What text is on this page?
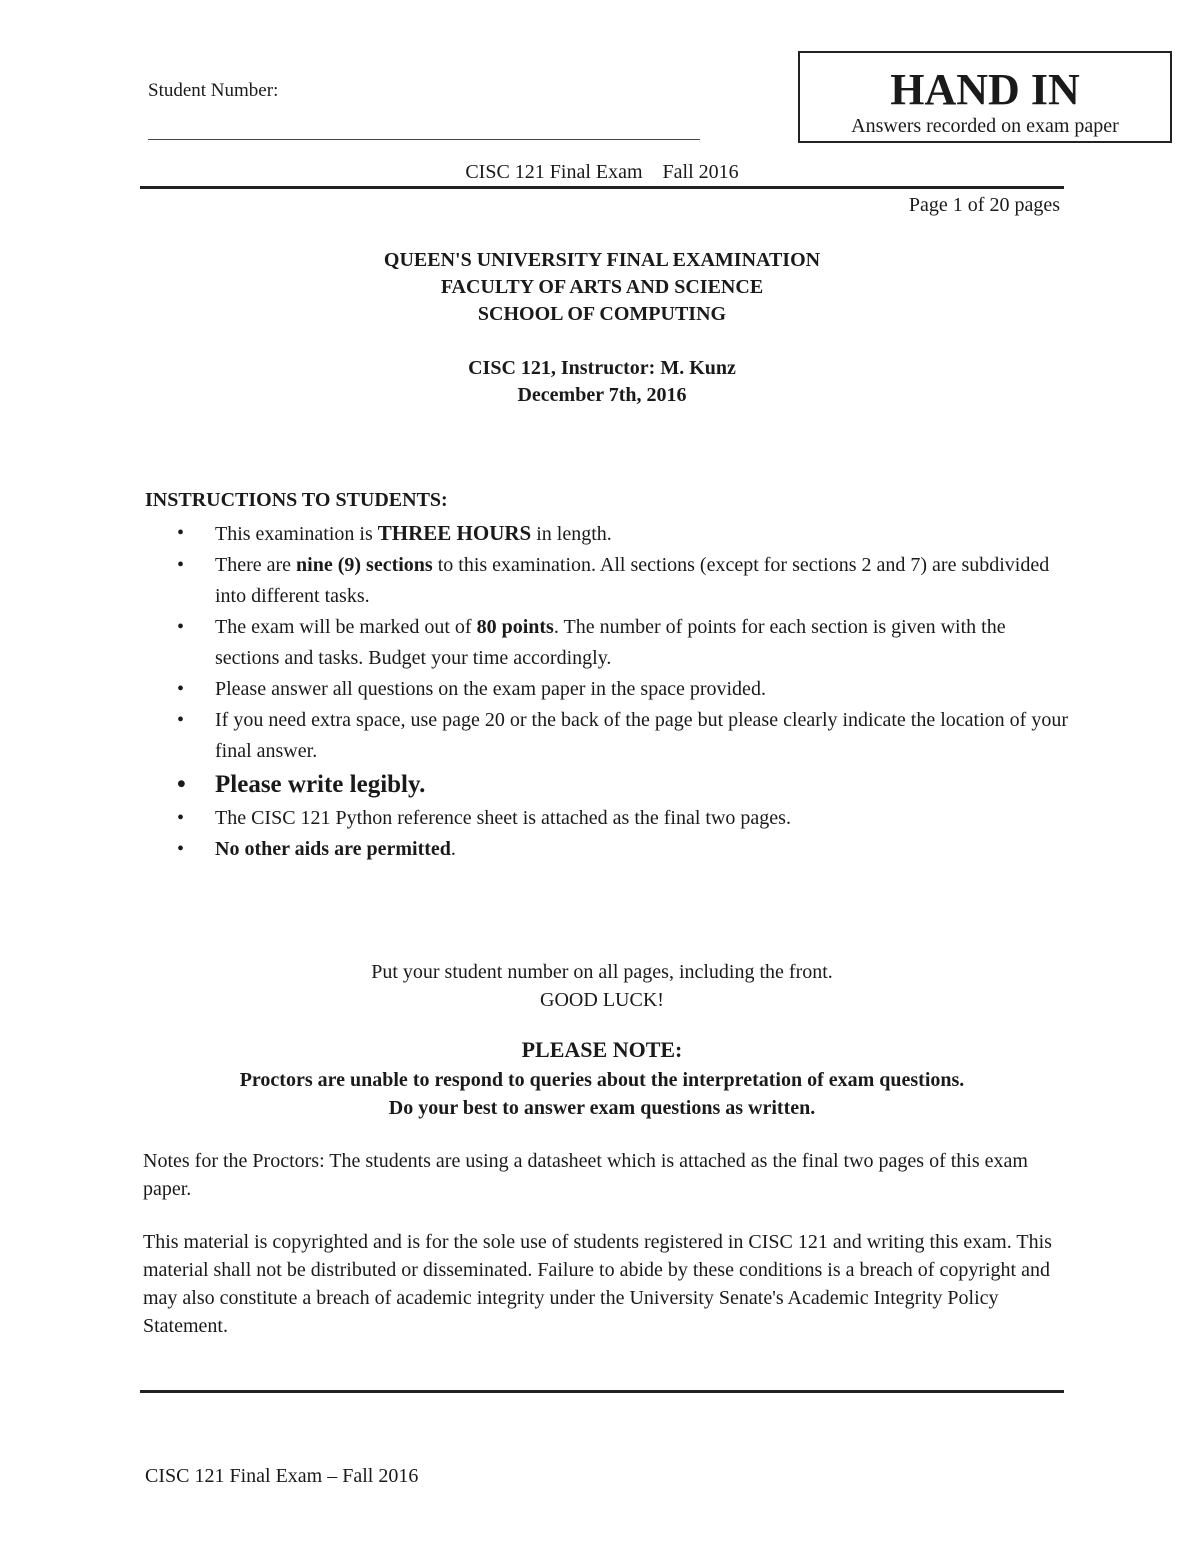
Student Number:	HAND IN
Answers recorded on exam paper
CISC 121 Final Exam    Fall 2016
Page 1 of 20 pages
QUEEN'S UNIVERSITY FINAL EXAMINATION
FACULTY OF ARTS AND SCIENCE
SCHOOL OF COMPUTING
CISC 121, Instructor: M. Kunz
December 7th, 2016
INSTRUCTIONS TO STUDENTS:
• This examination is THREE HOURS in length.
• There are nine (9) sections to this examination. All sections (except for sections 2 and 7) are subdivided into different tasks.
• The exam will be marked out of 80 points. The number of points for each section is given with the sections and tasks. Budget your time accordingly.
• Please answer all questions on the exam paper in the space provided.
• If you need extra space, use page 20 or the back of the page but please clearly indicate the location of your final answer.
• Please write legibly.
• The CISC 121 Python reference sheet is attached as the final two pages.
• No other aids are permitted.
Put your student number on all pages, including the front.
GOOD LUCK!
PLEASE NOTE:
Proctors are unable to respond to queries about the interpretation of exam questions.
Do your best to answer exam questions as written.
Notes for the Proctors: The students are using a datasheet which is attached as the final two pages of this exam paper.
This material is copyrighted and is for the sole use of students registered in CISC 121 and writing this exam. This material shall not be distributed or disseminated. Failure to abide by these conditions is a breach of copyright and may also constitute a breach of academic integrity under the University Senate's Academic Integrity Policy Statement.
CISC 121 Final Exam – Fall 2016
